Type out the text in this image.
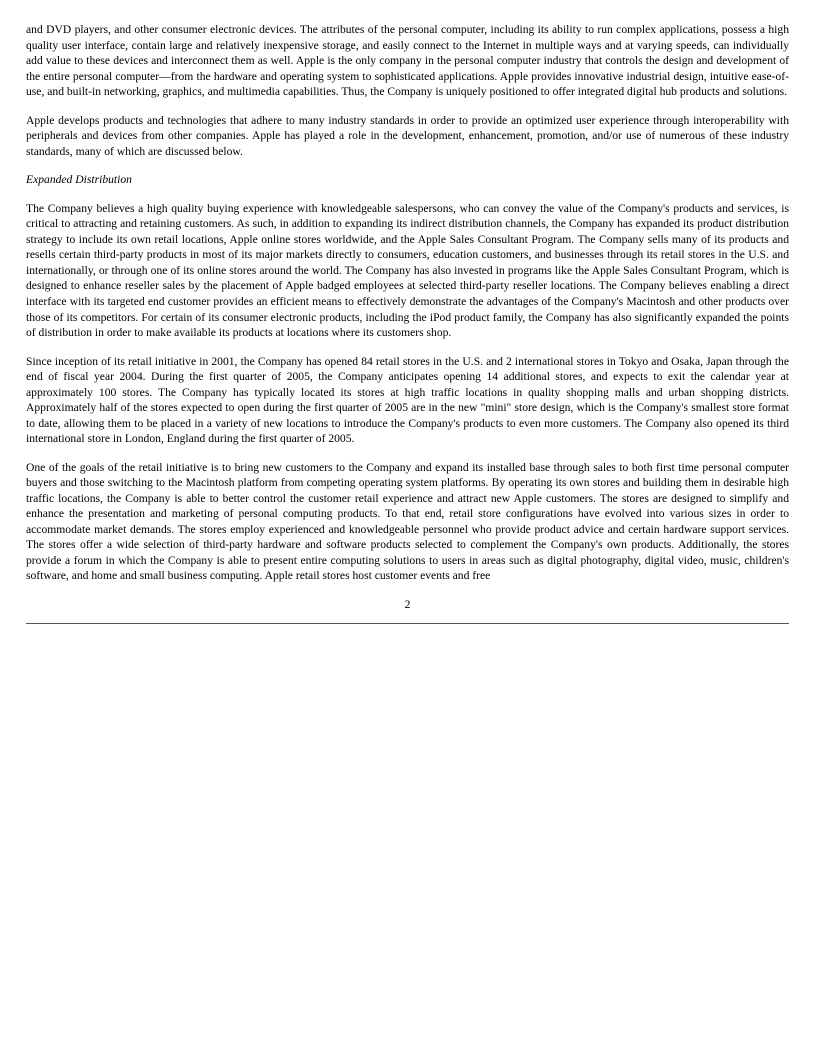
and DVD players, and other consumer electronic devices. The attributes of the personal computer, including its ability to run complex applications, possess a high quality user interface, contain large and relatively inexpensive storage, and easily connect to the Internet in multiple ways and at varying speeds, can individually add value to these devices and interconnect them as well. Apple is the only company in the personal computer industry that controls the design and development of the entire personal computer—from the hardware and operating system to sophisticated applications. Apple provides innovative industrial design, intuitive ease‐of‐use, and built‐in networking, graphics, and multimedia capabilities. Thus, the Company is uniquely positioned to offer integrated digital hub products and solutions.

Apple develops products and technologies that adhere to many industry standards in order to provide an optimized user experience through interoperability with peripherals and devices from other companies. Apple has played a role in the development, enhancement, promotion, and/or use of numerous of these industry standards, many of which are discussed below.

Expanded Distribution

The Company believes a high quality buying experience with knowledgeable salespersons, who can convey the value of the Company's products and services, is critical to attracting and retaining customers. As such, in addition to expanding its indirect distribution channels, the Company has expanded its product distribution strategy to include its own retail locations, Apple online stores worldwide, and the Apple Sales Consultant Program. The Company sells many of its products and resells certain third‐party products in most of its major markets directly to consumers, education customers, and businesses through its retail stores in the U.S. and internationally, or through one of its online stores around the world. The Company has also invested in programs like the Apple Sales Consultant Program, which is designed to enhance reseller sales by the placement of Apple badged employees at selected third‐party reseller locations. The Company believes enabling a direct interface with its targeted end customer provides an efficient means to effectively demonstrate the advantages of the Company's Macintosh and other products over those of its competitors. For certain of its consumer electronic products, including the iPod product family, the Company has also significantly expanded the points of distribution in order to make available its products at locations where its customers shop.

Since inception of its retail initiative in 2001, the Company has opened 84 retail stores in the U.S. and 2 international stores in Tokyo and Osaka, Japan through the end of fiscal year 2004. During the first quarter of 2005, the Company anticipates opening 14 additional stores, and expects to exit the calendar year at approximately 100 stores. The Company has typically located its stores at high traffic locations in quality shopping malls and urban shopping districts. Approximately half of the stores expected to open during the first quarter of 2005 are in the new "mini" store design, which is the Company's smallest store format to date, allowing them to be placed in a variety of new locations to introduce the Company's products to even more customers. The Company also opened its third international store in London, England during the first quarter of 2005.

One of the goals of the retail initiative is to bring new customers to the Company and expand its installed base through sales to both first time personal computer buyers and those switching to the Macintosh platform from competing operating system platforms. By operating its own stores and building them in desirable high traffic locations, the Company is able to better control the customer retail experience and attract new Apple customers. The stores are designed to simplify and enhance the presentation and marketing of personal computing products. To that end, retail store configurations have evolved into various sizes in order to accommodate market demands. The stores employ experienced and knowledgeable personnel who provide product advice and certain hardware support services. The stores offer a wide selection of third‐party hardware and software products selected to complement the Company's own products. Additionally, the stores provide a forum in which the Company is able to present entire computing solutions to users in areas such as digital photography, digital video, music, children's software, and home and small business computing. Apple retail stores host customer events and free

2
